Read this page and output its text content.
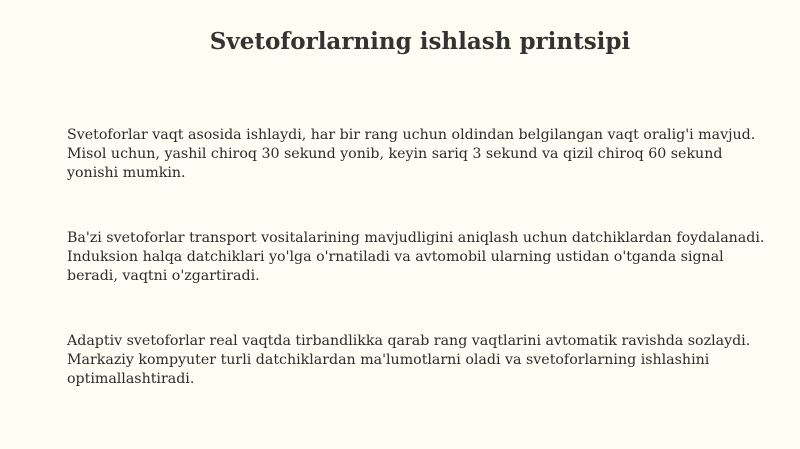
Svetoforlarning ishlash printsipi

Svetoforlar vaqt asosida ishlaydi, har bir rang uchun oldindan belgilangan vaqt oralig'i mavjud. Misol uchun, yashil chiroq 30 sekund yonib, keyin sariq 3 sekund va qizil chiroq 60 sekund yonishi mumkin.

Ba'zi svetoforlar transport vositalarining mavjudligini aniqlash uchun datchiklardan foydalanadi. Induksion halqa datchiklari yo'lga o'rnatiladi va avtomobil ularning ustidan o'tganda signal beradi, vaqtni o'zgartiradi.

Adaptiv svetoforlar real vaqtda tirbandlikka qarab rang vaqtlarini avtomatik ravishda sozlaydi. Markaziy kompyuter turli datchiklardan ma'lumotlarni oladi va svetoforlarning ishlashini optimallashtiradi.
